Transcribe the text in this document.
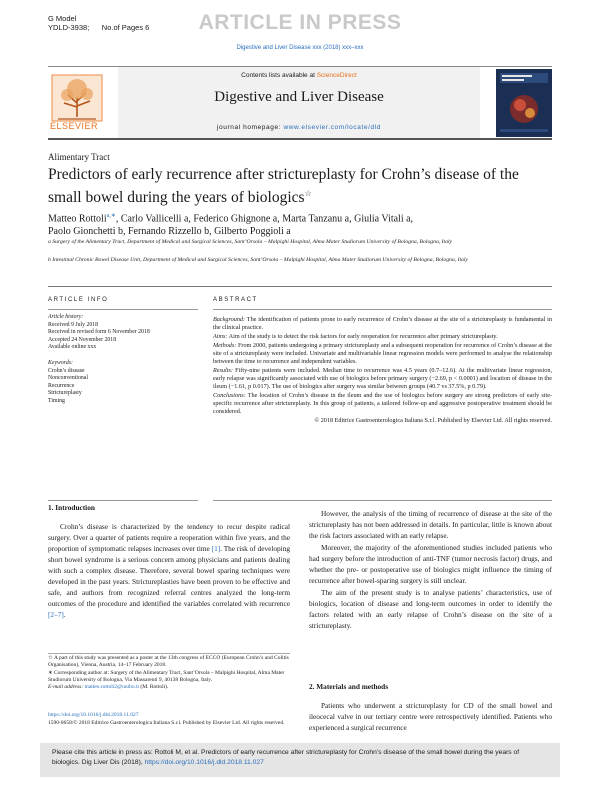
G Model
YDLD-3938; No.of Pages 6	ARTICLE IN PRESS
Digestive and Liver Disease xxx (2018) xxx–xxx
ELSEVIER
Contents lists available at ScienceDirect
Digestive and Liver Disease
journal homepage: www.elsevier.com/locate/dld
Alimentary Tract
Predictors of early recurrence after strictureplasty for Crohn’s disease of the small bowel during the years of biologics☆
Matteo Rottoli$^{a,∗}$, Carlo Vallicelli a, Federico Ghignone a, Marta Tanzanu a, Giulia Vitali a,
Paolo Gionchetti b, Fernando Rizzello b, Gilberto Poggioli a
a Surgery of the Alimentary Tract, Department of Medical and Surgical Sciences, Sant’Orsola – Malpighi Hospital, Alma Mater Studiorum University of Bologna, Bologna, Italy
b Intestinal Chronic Bowel Disease Unit, Department of Medical and Surgical Sciences, Sant’Orsola – Malpighi Hospital, Alma Mater Studiorum University of Bologna, Bologna, Italy
ARTICLE INFO	ABSTRACT
Article history:
Received 9 July 2018
Received in revised form 6 November 2018
Accepted 24 November 2018
Available online xxx
Keywords:
Crohn’s disease
Nonconventional
Recurrence
Strictureplasty
Timing

Background: The identification of patients prone to early recurrence of Crohn’s disease at the site of a strictureplasty is fundamental in the clinical practice.

Aims: Aim of the study is to detect the risk factors for early reoperation for recurrence after primary strictureplasty.

Methods: From 2000, patients undergoing a primary strictureplasty and a subsequent reoperation for recurrence of Crohn’s disease at the site of a strictureplasty were included. Univariate and multivariable linear regression models were performed to analyse the relationship between the time to recurrence and independent variables.

Results: Fifty-nine patients were included. Median time to recurrence was 4.5 years (0.7–12.6). At the multivariate linear regression, early relapse was significantly associated with use of biologics before primary surgery (−2.69, p < 0.0001) and location of disease in the ileum (−1.61, p 0.017). The use of biologics after surgery was similar between groups (40.7 vs 37.5%, p 0.79).

Conclusions: The location of Crohn’s disease in the ileum and the use of biologics before surgery are strong predictors of early site-specific recurrence after strictureplasty. In this group of patients, a tailored follow-up and aggressive postoperative treatment should be considered.

© 2018 Editrice Gastroenterologica Italiana S.r.l. Published by Elsevier Ltd. All rights reserved.
1. Introduction
Crohn’s disease is characterized by the tendency to recur despite radical surgery. Over a quarter of patients require a reoperation within five years, and the proportion of symptomatic relapses increases over time [1]. The risk of developing short bowel syndrome is a serious concern among physicians and patients dealing with such a complex disease. Therefore, several bowel sparing techniques were developed in the past years. Strictureplasties have been proven to be effective and safe, and authors from recognized referral centres analyzed the long-term outcomes of the procedure and identified the variables correlated with recurrence [2–7].

☆ A part of this study was presented as a poster at the 13th congress of ECCO (European Crohn’s and Colitis Organisation), Vienna, Austria, 14–17 February 2018.

∗ Corresponding author at: Surgery of the Alimentary Tract, Sant’Orsola – Malpighi Hospital, Alma Mater Studiorum University of Bologna, Via Massarenti 9, 40138 Bologna, Italy.

E-mail address: matteo.rottoli2@unibo.it (M. Rottoli).

https://doi.org/10.1016/j.dld.2018.11.027
1590-8658/© 2018 Editrice Gastroenterologica Italiana S.r.l. Published by Elsevier Ltd. All rights reserved.

However, the analysis of the timing of recurrence of disease at the site of the strictureplasty has not been addressed in details. In particular, little is known about the risk factors associated with an early relapse.

Moreover, the majority of the aforementioned studies included patients who had surgery before the introduction of anti-TNF (tumor necrosis factor) drugs, and whether the pre- or postoperative use of biologics might influence the timing of recurrence after bowel-sparing surgery is still unclear.

The aim of the present study is to analyse patients’ characteristics, use of biologics, location of disease and long-term outcomes in order to identify the factors related with an early relapse of Crohn’s disease on the site of a strictureplasty.

2. Materials and methods
Patients who underwent a strictureplasty for CD of the small bowel and ileocecal valve in our tertiary centre were retrospectively identified. Patients who experienced a surgical recurrence
Please cite this article in press as: Rottoli M, et al. Predictors of early recurrence after strictureplasty for Crohn’s disease of the small bowel during the years of biologics. Dig Liver Dis (2018), https://doi.org/10.1016/j.dld.2018.11.027
